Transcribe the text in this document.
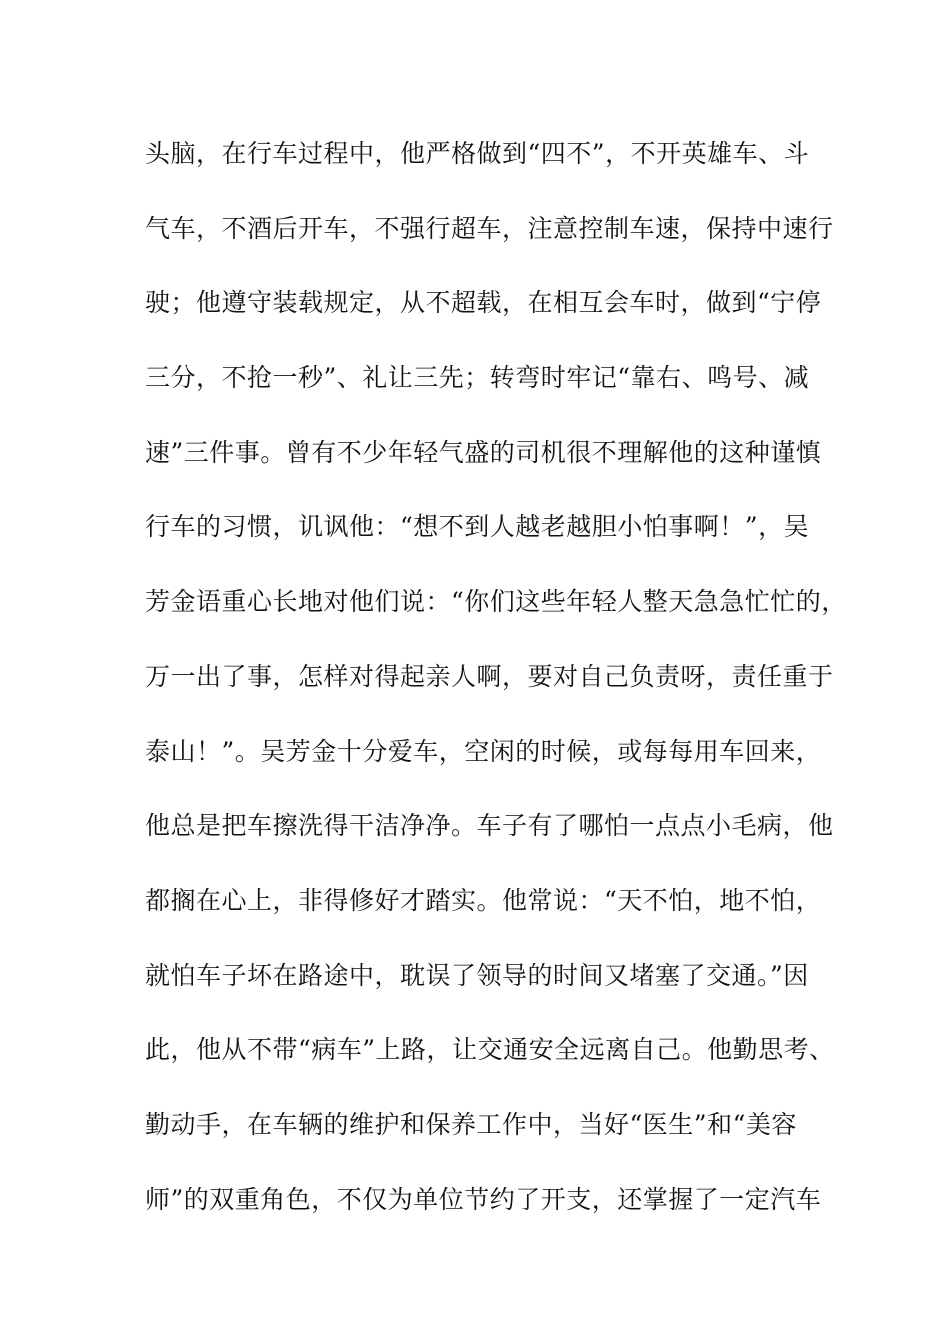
头脑，在行车过程中，他严格做到“四不”，不开英雄车、斗
气车，不酒后开车，不强行超车，注意控制车速，保持中速行
驶；他遵守装载规定，从不超载，在相互会车时，做到“宁停
三分，不抢一秒”、礼让三先；转弯时牢记“靠右、鸣号、减
速”三件事。曾有不少年轻气盛的司机很不理解他的这种谨慎
行车的习惯，讥讽他：“想不到人越老越胆小怕事啊！”，吴
芳金语重心长地对他们说：“你们这些年轻人整天急急忙忙的，
万一出了事，怎样对得起亲人啊，要对自己负责呀，责任重于
泰山！”。吴芳金十分爱车，空闲的时候，或每每用车回来，
他总是把车擦洗得干洁净净。车子有了哪怕一点点小毛病，他
都搁在心上，非得修好才踏实。他常说：“天不怕，地不怕，
就怕车子坏在路途中，耽误了领导的时间又堵塞了交通。”因
此，他从不带“病车”上路，让交通安全远离自己。他勤思考、
勤动手，在车辆的维护和保养工作中，当好“医生”和“美容
师”的双重角色，不仅为单位节约了开支，还掌握了一定汽车
